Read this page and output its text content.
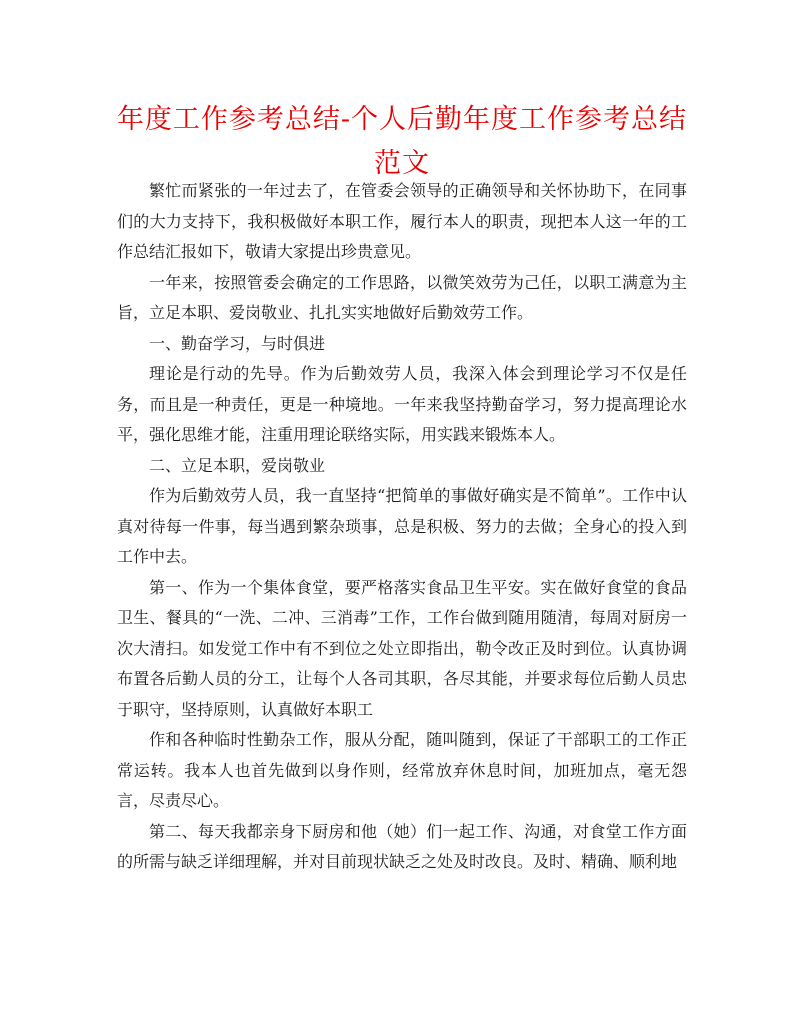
年度工作参考总结-个人后勤年度工作参考总结范文

繁忙而紧张的一年过去了，在管委会领导的正确领导和关怀协助下，在同事们的大力支持下，我积极做好本职工作，履行本人的职责，现把本人这一年的工作总结汇报如下，敬请大家提出珍贵意见。

一年来，按照管委会确定的工作思路，以微笑效劳为己任，以职工满意为主旨，立足本职、爱岗敬业、扎扎实实地做好后勤效劳工作。

一、勤奋学习，与时俱进

理论是行动的先导。作为后勤效劳人员，我深入体会到理论学习不仅是任务，而且是一种责任，更是一种境地。一年来我坚持勤奋学习，努力提高理论水平，强化思维才能，注重用理论联络实际，用实践来锻炼本人。

二、立足本职，爱岗敬业

作为后勤效劳人员，我一直坚持“把简单的事做好确实是不简单”。工作中认真对待每一件事，每当遇到繁杂琐事，总是积极、努力的去做；全身心的投入到工作中去。

第一、作为一个集体食堂，要严格落实食品卫生平安。实在做好食堂的食品卫生、餐具的“一洗、二冲、三消毒”工作，工作台做到随用随清，每周对厨房一次大清扫。如发觉工作中有不到位之处立即指出，勒令改正及时到位。认真协调布置各后勤人员的分工，让每个人各司其职，各尽其能，并要求每位后勤人员忠于职守，坚持原则，认真做好本职工

作和各种临时性勤杂工作，服从分配，随叫随到，保证了干部职工的工作正常运转。我本人也首先做到以身作则，经常放弃休息时间，加班加点，毫无怨言，尽责尽心。

第二、每天我都亲身下厨房和他（她）们一起工作、沟通，对食堂工作方面的所需与缺乏详细理解，并对目前现状缺乏之处及时改良。及时、精确、顺利地
